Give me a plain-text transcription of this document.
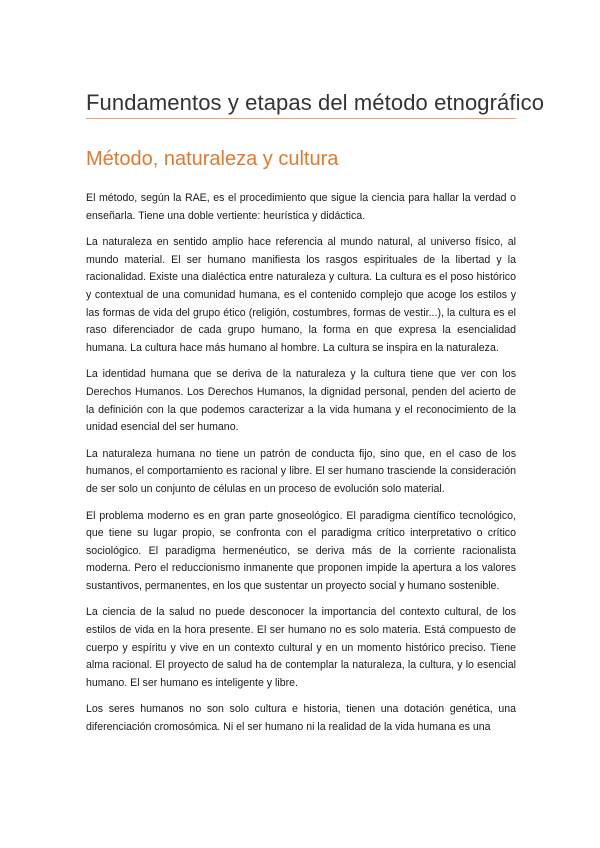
Fundamentos y etapas del método etnográfico
Método, naturaleza y cultura

El método, según la RAE, es el procedimiento que sigue la ciencia para hallar la verdad o enseñarla. Tiene una doble vertiente: heurística y didáctica.

La naturaleza en sentido amplio hace referencia al mundo natural, al universo físico, al mundo material. El ser humano manifiesta los rasgos espirituales de la libertad y la racionalidad. Existe una dialéctica entre naturaleza y cultura. La cultura es el poso histórico y contextual de una comunidad humana, es el contenido complejo que acoge los estilos y las formas de vida del grupo ético (religión, costumbres, formas de vestir...), la cultura es el raso diferenciador de cada grupo humano, la forma en que expresa la esencialidad humana. La cultura hace más humano al hombre. La cultura se inspira en la naturaleza.

La identidad humana que se deriva de la naturaleza y la cultura tiene que ver con los Derechos Humanos. Los Derechos Humanos, la dignidad personal, penden del acierto de la definición con la que podemos caracterizar a la vida humana y el reconocimiento de la unidad esencial del ser humano.

La naturaleza humana no tiene un patrón de conducta fijo, sino que, en el caso de los humanos, el comportamiento es racional y libre. El ser humano trasciende la consideración de ser solo un conjunto de células en un proceso de evolución solo material.

El problema moderno es en gran parte gnoseológico. El paradigma científico tecnológico, que tiene su lugar propio, se confronta con el paradigma crítico interpretativo o crítico sociológico. El paradigma hermenéutico, se deriva más de la corriente racionalista moderna. Pero el reduccionismo inmanente que proponen impide la apertura a los valores sustantivos, permanentes, en los que sustentar un proyecto social y humano sostenible.

La ciencia de la salud no puede desconocer la importancia del contexto cultural, de los estilos de vida en la hora presente. El ser humano no es solo materia. Está compuesto de cuerpo y espíritu y vive en un contexto cultural y en un momento histórico preciso. Tiene alma racional. El proyecto de salud ha de contemplar la naturaleza, la cultura, y lo esencial humano. El ser humano es inteligente y libre.

Los seres humanos no son solo cultura e historia, tienen una dotación genética, una diferenciación cromosómica. Ni el ser humano ni la realidad de la vida humana es una
